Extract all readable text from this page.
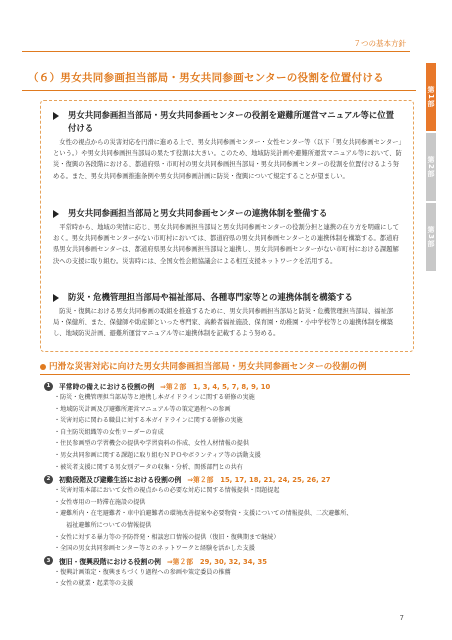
７つの基本方針
第1部
第2部
第3部
（６）男女共同参画担当部局・男女共同参画センターの役割を位置付ける
男女共同参画担当部局・男女共同参画センターの役割を避難所運営マニュアル等に位置付ける
女性の視点からの災害対応を円滑に進める上で、男女共同参画センター・女性センター等（以下「男女共同参画センター」という。）や男女共同参画担当部局の果たす役割は大きい。このため、地域防災計画や避難所運営マニュアル等において、防災・復興の各段階における、都道府県・市町村の男女共同参画担当部局・男女共同参画センターの役割を位置付けるよう努める。また、男女共同参画推進条例や男女共同参画計画に防災・復興について規定することが望ましい。
男女共同参画担当部局と男女共同参画センターの連携体制を整備する
平常時から、地域の実情に応じ、男女共同参画担当部局と男女共同参画センターの役割分担と連携の在り方を明確にしておく。男女共同参画センターがない市町村においては、都道府県の男女共同参画センターとの連携体制を構築する。都道府県男女共同参画センターは、都道府県男女共同参画担当部局と連携し、男女共同参画センターがない市町村における課題解決への支援に取り組む。災害時には、全国女性会館協議会による相互支援ネットワークを活用する。
防災・危機管理担当部局や福祉部局、各種専門家等との連携体制を構築する
防災・復興における男女共同参画の取組を推進するために、男女共同参画担当部局と防災・危機管理担当部局、福祉部局・保健所、また、保健師や助産師といった専門家、高齢者福祉施設、保育園・幼稚園・小中学校等との連携体制を構築し、地域防災計画、避難所運営マニュアル等に連携体制を記載するよう努める。
円滑な災害対応に向けた男女共同参画担当部局・男女共同参画センターの役割の例
1	平常時の備えにおける役割の例 ⇒第２部　1, 3, 4, 5, 7, 8, 9, 10
・防災・危機管理担当部局等と連携し本ガイドラインに関する研修の実施
・地域防災計画及び避難所運営マニュアル等の策定過程への参画
・災害対応に関わる職員に対する本ガイドラインに関する研修の実施
・自主防災組織等の女性リーダーの育成
・住民参画型の学習機会の提供や学習資料の作成、女性人材情報の提供
・男女共同参画に関する課題に取り組むＮＰＯやボランティア等の活動支援
・被災者支援に関する男女別データの収集・分析、関係部門との共有
2	初動段階及び避難生活における役割の例 ⇒第２部　15, 17, 18, 21, 24, 25, 26, 27
・災害対策本部において女性の視点からの必要な対応に関する情報提供・問題提起
・女性専用の一時滞在施設の提供
・避難所内・在宅避難者・車中泊避難者の環境改善提案や必要物資・支援についての情報提供、二次避難所、
　福祉避難所についての情報提供
・女性に対する暴力等の予防啓発・相談窓口情報の提供（復旧・復興期まで継続）
・全国の男女共同参画センター等とのネットワークと経験を活かした支援
3	復旧・復興段階における役割の例 ⇒第２部　29, 30, 32, 34, 35
・復興計画策定・復興まちづくり過程への参画や策定委員の推薦
・女性の就業・起業等の支援
7
